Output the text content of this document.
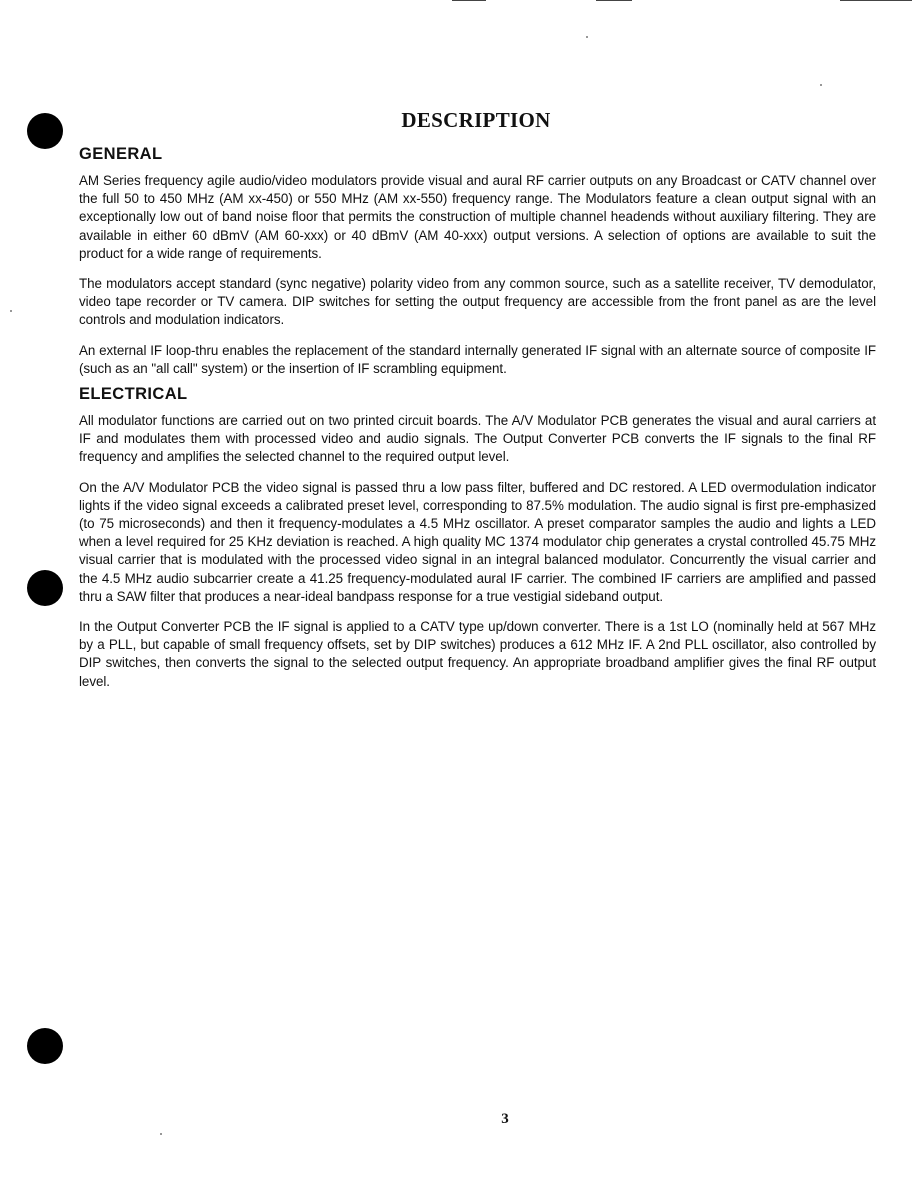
DESCRIPTION
GENERAL

AM Series frequency agile audio/video modulators provide visual and aural RF carrier outputs on any Broadcast or CATV channel over the full 50 to 450 MHz (AM xx-450) or 550 MHz (AM xx-550) frequency range. The Modulators feature a clean output signal with an exceptionally low out of band noise floor that permits the construction of multiple channel headends without auxiliary filtering. They are available in either 60 dBmV (AM 60-xxx) or 40 dBmV (AM 40-xxx) output versions. A selection of options are available to suit the product for a wide range of requirements.

The modulators accept standard (sync negative) polarity video from any common source, such as a satellite receiver, TV demodulator, video tape recorder or TV camera. DIP switches for setting the output frequency are accessible from the front panel as are the level controls and modulation indicators.

An external IF loop-thru enables the replacement of the standard internally generated IF signal with an alternate source of composite IF (such as an "all call" system) or the insertion of IF scrambling equipment.

ELECTRICAL

All modulator functions are carried out on two printed circuit boards. The A/V Modulator PCB generates the visual and aural carriers at IF and modulates them with processed video and audio signals. The Output Converter PCB converts the IF signals to the final RF frequency and amplifies the selected channel to the required output level.

On the A/V Modulator PCB the video signal is passed thru a low pass filter, buffered and DC restored. A LED overmodulation indicator lights if the video signal exceeds a calibrated preset level, corresponding to 87.5% modulation. The audio signal is first pre-emphasized (to 75 microseconds) and then it frequency-modulates a 4.5 MHz oscillator. A preset comparator samples the audio and lights a LED when a level required for 25 KHz deviation is reached. A high quality MC 1374 modulator chip generates a crystal controlled 45.75 MHz visual carrier that is modulated with the processed video signal in an integral balanced modulator. Concurrently the visual carrier and the 4.5 MHz audio subcarrier create a 41.25 frequency-modulated aural IF carrier. The combined IF carriers are amplified and passed thru a SAW filter that produces a near-ideal bandpass response for a true vestigial sideband output.

In the Output Converter PCB the IF signal is applied to a CATV type up/down converter. There is a 1st LO (nominally held at 567 MHz by a PLL, but capable of small frequency offsets, set by DIP switches) produces a 612 MHz IF. A 2nd PLL oscillator, also controlled by DIP switches, then converts the signal to the selected output frequency. An appropriate broadband amplifier gives the final RF output level.

3
